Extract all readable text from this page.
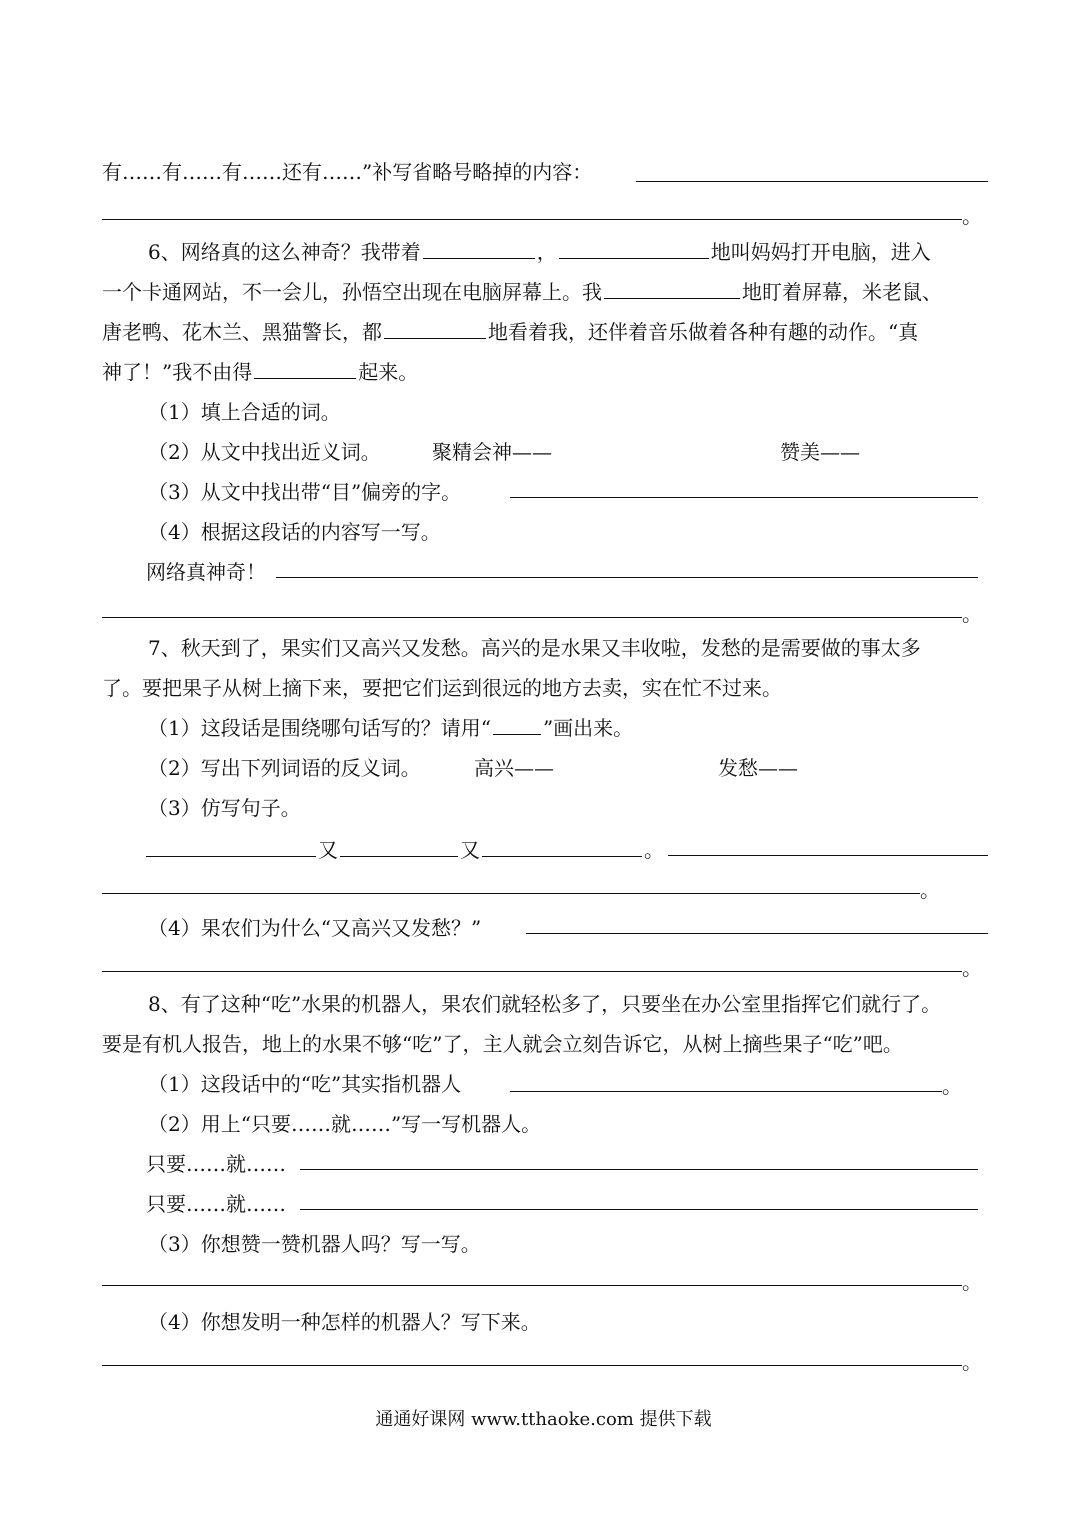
有……有……有……还有……”补写省略号略掉的内容：
。
6、网络真的这么神奇？我带着	，	地叫妈妈打开电脑，进入
一个卡通网站，不一会儿，孙悟空出现在电脑屏幕上。我	地盯着屏幕，米老鼠、
唐老鸭、花木兰、黑猫警长，都	地看着我，还伴着音乐做着各种有趣的动作。“真
神了！”我不由得	起来。
（1）填上合适的词。
（2）从文中找出近义词。	聚精会神——	赞美——
（3）从文中找出带“目”偏旁的字。
（4）根据这段话的内容写一写。
网络真神奇！
。
7、秋天到了，果实们又高兴又发愁。高兴的是水果又丰收啦，发愁的是需要做的事太多
了。要把果子从树上摘下来，要把它们运到很远的地方去卖，实在忙不过来。
（1）这段话是围绕哪句话写的？请用“	”画出来。
（2）写出下列词语的反义词。	高兴——	发愁——
（3）仿写句子。
又	又	。
。
（4）果农们为什么“又高兴又发愁？”
。
8、有了这种“吃”水果的机器人，果农们就轻松多了，只要坐在办公室里指挥它们就行了。
要是有机人报告，地上的水果不够“吃”了，主人就会立刻告诉它，从树上摘些果子“吃”吧。
（1）这段话中的“吃”其实指机器人	。
（2）用上“只要……就……”写一写机器人。
只要……就……
只要……就……
（3）你想赞一赞机器人吗？写一写。
。
（4）你想发明一种怎样的机器人？写下来。
。
通通好课网 www.tthaoke.com 提供下载
